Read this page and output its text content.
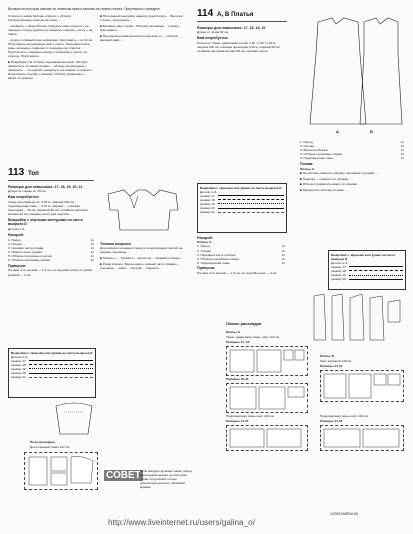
Вытачки на полочках сметать по отметкам-ниже и вытачки на спинке стачать. Приутюжить к середине.

Стачать в левом бортике отметки + обтачку. Горизонтальные отметки на стыке ...

...пройдите + лица обтачки. Подшить ниже отметки + на лицевую сторону дубики на середину отметки + сетку + на линии ...

...ручки и плавный шов на фасаде; приутюжить + по 10 см. Приутюжить на середины шов + ушить. Переоверлочить раны на внешн. подрезах от середины до отметок. Прострочить, тканевую основу и прикрепить плотно по отметке. Приутюжить.

■ Подоборка. На обтачке подшиваем вытачки. Обтачку прикрепить по краям основы ... обтачку на переднем + приклеить ... по подгибу; вывернуть на изнанку и пришить. Приутюжить подгибу с изнанки. Обтачку прикрепить + вверх по прорези ...

113 Топ
Размеры для невысоких: 17, 18, 19, 20, 21
Длина по спинке ок. 45 см
Вам потребуется:

Ткань для размера 17: 0,50 м, ширина 140 см; подкладочная ткань ... 0,70 м, ширина ...; клеевая прокладка ... 40 см, шириной 90 см; потайная застежка-молния 22 см; клеевая лента для подгиба.

Выкройки с чёрными контурами на листе выкроек D
Детали 1–6
Раскрой:
1. Перед	1x
2. Спинка	2x
3. Средняя часть рукава	2x
4. Нижняя часть рукава	2x
5. Обтачка горловины полочки	1x
6. Обтачка горловины спинки	2x
Припуски:

На швы и по срезам — 1,5 см, на подгибы низа и по краям рукавов — 3 см.

Выкройки с чёрными контурами на листе выкроек D
Детали 1–6
размер 17
размер 18
размер 19
размер 20
размер 21
План раскладки
Для основной ткани 137 см

■ На передних вытачках наверху прострочить ... Вытачки стачать, приутюжить ...

■ Боковые швы стачать. Обтачки горловины ... стачать, приутюжить ...

■ На нижнем рукаве выполнить вытачки от ... обтачка ... верхний край ...

Техника выкроек:

Для раскроя основных спинок и основ средних частей на изнанке основные ...

■ Нижние + ... Рукава и ... вшить на ... лицевой стороне ...

■ Рукав втачать. Вдоль швов + нижней части рукава + плечевые ... швом ... обтачки ... подшить ...

СОВЕТ Если сведуют функции швов, перед прокладкой меняют детали края, чтобы получалась только продольные детали с прямыми краями.
114 А, В Платья
Размеры для невысоких: 17, 18, 19, 20
Длина от талии 62 см
Вам потребуется:

Платье А. Ткань: джинсовая стрейч 1,30 / 1,35 / 1,40 м, ширина 140 см; клеевая прокладка 0,30 м, ширина 90 см; потайная застежка-молния 60 см; клеевая лента.

Выкройки с чёрными контурами на листе выкроек D
Детали 1–6
размер 17
размер 18
размер 19
размер 20
размер 21
Раскрой:
Платье А
1. Перед	1x
2. Спинка	2x
3. Передняя часть обтачки	1x
4. Обтачка горловины спинки	2x
5. Подкладочная ткань	1x
Припуски:

На швы и по срезам — 1,5 см, на подгибы низа — 4 см.

Планы раскладки
Платье А
Ткань: джинсовая ткань, шир. 113 см
Размеры 17, 18
Размеры 19-21
Подкладочная ткань шир. 140 см
Размеры 17-21
А	В
1. Перед	1x
2. Спинка	2x
3. Верхняя обтачка	1x
4. Обтачка горловины спинки	2x
5. Подкладочная ткань	1x
Пошив:
Платье А

■ На обтачке наметить ширину горловины и рукава ...

■ Подклад ... пришить по обтачке ...

■ Обтачку прикрепить вверх по линиям ...

■ Прикрепить обтачку по краю ...

Выкройка с чёрными контурами на листе выкроек D
Детали 1–4
размер 17
размер 18
размер 19
размер 20
Платье В
Креп шириной 140 см
Размеры 17-21
Подкладочная ткань шир. 140 см
Размеры 17-21
1/2002 BURDA 65
http://www.liveinternet.ru/users/galina_o/
